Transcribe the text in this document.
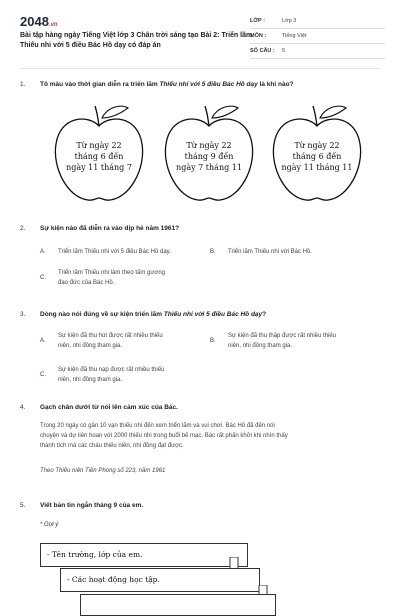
2048.vn
Bài tập hàng ngày Tiếng Việt lớp 3 Chân trời sáng tạo Bài 2: Triển lãm Thiếu nhi với 5 điều Bác Hồ dạy có đáp án
LỚP :	Lớp 3
MÔN :	Tiếng Việt
SỐ CÂU :	5
1. Tô màu vào thời gian diễn ra triển lãm Thiếu nhi với 5 điều Bác Hồ dạy là khi nào?
Từ ngày 22
tháng 6 đến
ngày 11 tháng 7
Từ ngày 22
tháng 9 đến
ngày 7 tháng 11
Từ ngày 22
tháng 6 đến
ngày 11 tháng 11
2. Sự kiện nào đã diễn ra vào dịp hè năm 1961?
A. Triển lãm Thiếu nhi với 5 điều Bác Hồ dạy.	B. Triển lãm Thiếu nhi với Bác Hồ.
C.
Triển lãm Thiếu nhi làm theo tấm gương
đạo đức của Bác Hồ.
3. Dòng nào nói đúng về sự kiện triển lãm Thiếu nhi với 5 điều Bác Hồ dạy?
A.
Sự kiện đã thu hút được rất nhiều thiếu
niên, nhi đồng tham gia.
B.
Sự kiện đã thu thập được rất nhiều thiếu
niên, nhi đồng tham gia.
C.
Sự kiện đã thu nạp được rất nhiều thiếu
niên, nhi đồng tham gia.
4. Gạch chân dưới từ nói lên cảm xúc của Bác.
Trong 20 ngày có gần 10 vạn thiếu nhi đến xem triển lãm và vui chơi. Bác Hồ đã đến nói
chuyện và dự liên hoan với 2000 thiếu nhi trong buổi bế mạc. Bác rất phấn khởi khi nhìn thấy
thành tích mà các cháu thiếu niên, nhi đồng đạt được.
Theo Thiếu niên Tiền Phong số 223, năm 1961
5. Viết bản tin ngắn tháng 9 của em.
* Gợi ý
- Tên trường, lớp của em.
- Các hoạt động học tập.
